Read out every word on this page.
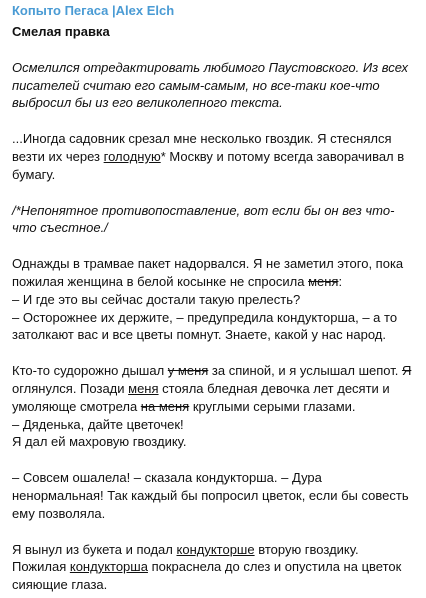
Копыто Пегаса |Alex Elch
Смелая правка

Осмелился отредактировать любимого Паустовского. Из всех писателей считаю его самым-самым, но все-таки кое-что выбросил бы из его великолепного текста.

...Иногда садовник срезал мне несколько гвоздик. Я стеснялся везти их через голодную* Москву и потому всегда заворачивал в бумагу.

/*Непонятное противопоставление, вот если бы он вез что-что съестное./

Однажды в трамвае пакет надорвался. Я не заметил этого, пока пожилая женщина в белой косынке не спросила меня:

– И где это вы сейчас достали такую прелесть?

– Осторожнее их держите, – предупредила кондукторша, – а то затолкают вас и все цветы помнут. Знаете, какой у нас народ.

Кто-то судорожно дышал у меня за спиной, и я услышал шепот. Я оглянулся. Позади меня стояла бледная девочка лет десяти и умоляюще смотрела на меня круглыми серыми глазами.

– Дяденька, дайте цветочек!

Я дал ей махровую гвоздику.

– Совсем ошалела! – сказала кондукторша. – Дура ненормальная! Так каждый бы попросил цветок, если бы совесть ему позволяла.

Я вынул из букета и подал кондукторше вторую гвоздику. Пожилая кондукторша покраснела до слез и опустила на цветок сияющие глаза.
